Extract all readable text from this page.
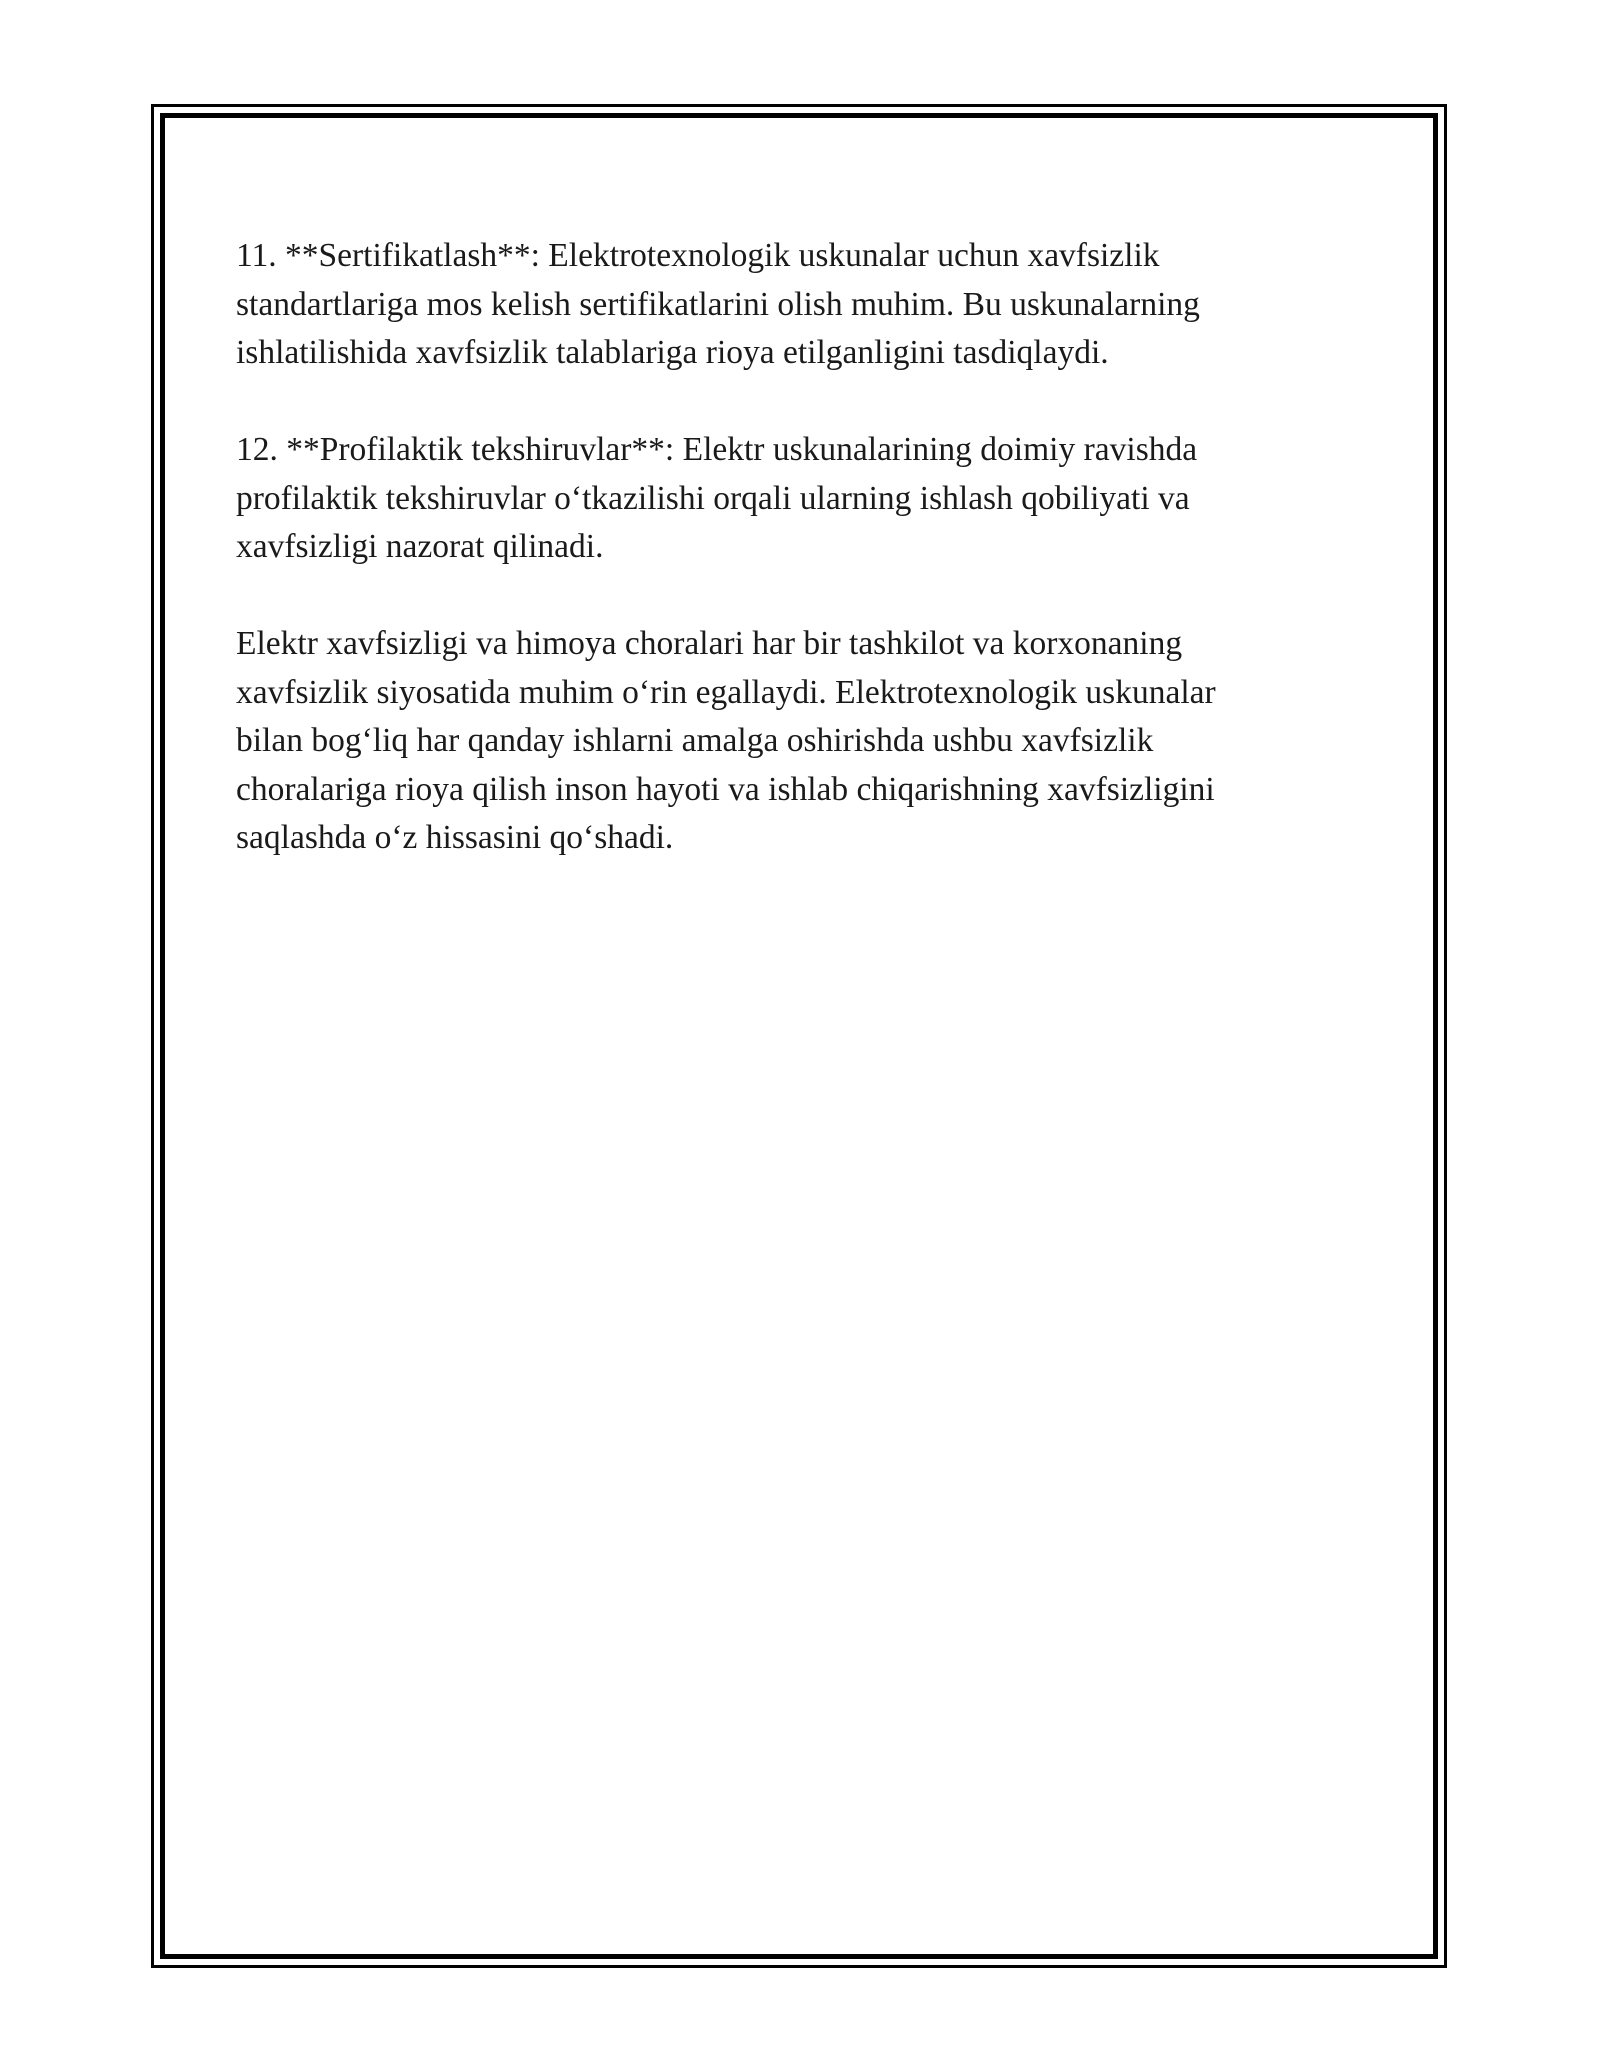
11. **Sertifikatlash**: Elektrotexnologik uskunalar uchun xavfsizlik
standartlariga mos kelish sertifikatlarini olish muhim. Bu uskunalarning
ishlatilishida xavfsizlik talablariga rioya etilganligini tasdiqlaydi.

12. **Profilaktik tekshiruvlar**: Elektr uskunalarining doimiy ravishda
profilaktik tekshiruvlar oʻtkazilishi orqali ularning ishlash qobiliyati va
xavfsizligi nazorat qilinadi.

Elektr xavfsizligi va himoya choralari har bir tashkilot va korxonaning
xavfsizlik siyosatida muhim oʻrin egallaydi. Elektrotexnologik uskunalar
bilan bogʻliq har qanday ishlarni amalga oshirishda ushbu xavfsizlik
choralariga rioya qilish inson hayoti va ishlab chiqarishning xavfsizligini
saqlashda oʻz hissasini qoʻshadi.
